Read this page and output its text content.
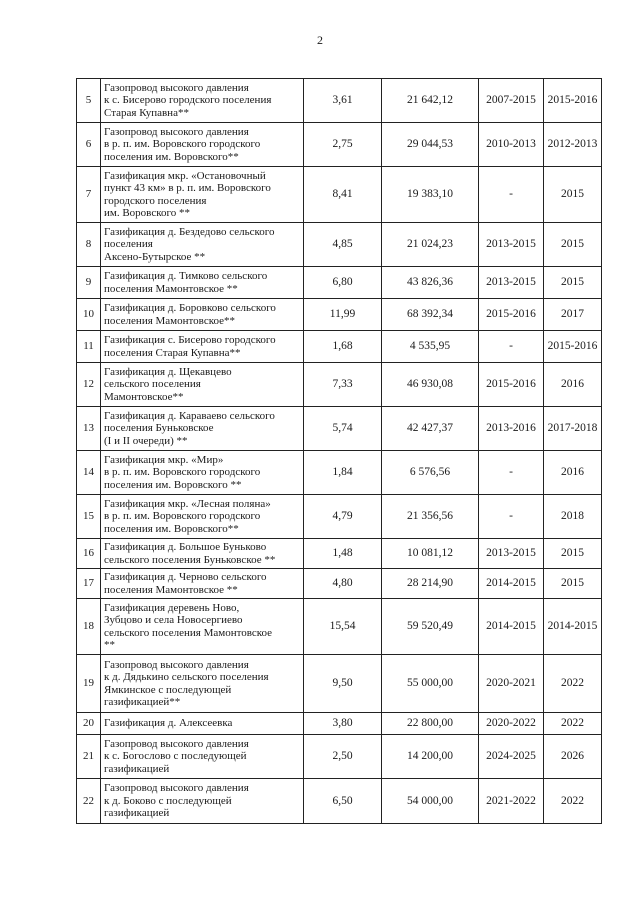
2
5	Газопровод высокого давления
к с. Бисерово городского поселения
Старая Купавна**	3,61	21 642,12	2007-2015	2015-2016
6	Газопровод высокого давления
в р. п. им. Воровского городского
поселения им. Воровского**	2,75	29 044,53	2010-2013	2012-2013
7	Газификация мкр. «Остановочный
пункт 43 км» в р. п. им. Воровского
городского поселения
им. Воровского **	8,41	19 383,10	-	2015
8	Газификация д. Бездедово сельского
поселения
Аксено-Бутырское **	4,85	21 024,23	2013-2015	2015
9	Газификация д. Тимково сельского
поселения Мамонтовское **	6,80	43 826,36	2013-2015	2015
10	Газификация д. Боровково сельского
поселения Мамонтовское**	11,99	68 392,34	2015-2016	2017
11	Газификация с. Бисерово городского
поселения Старая Купавна**	1,68	4 535,95	-	2015-2016
12	Газификация д. Щекавцево
сельского поселения
Мамонтовское**	7,33	46 930,08	2015-2016	2016
13	Газификация д. Караваево сельского
поселения Буньковское
(I и II очереди) **	5,74	42 427,37	2013-2016	2017-2018
14	Газификация мкр. «Мир»
в р. п. им. Воровского городского
поселения им. Воровского **	1,84	6 576,56	-	2016
15	Газификация мкр. «Лесная поляна»
в р. п. им. Воровского городского
поселения им. Воровского**	4,79	21 356,56	-	2018
16	Газификация д. Большое Буньково
сельского поселения Буньковское **	1,48	10 081,12	2013-2015	2015
17	Газификация д. Черново сельского
поселения Мамонтовское **	4,80	28 214,90	2014-2015	2015
18	Газификация деревень Ново,
Зубцово и села Новосергиево
сельского поселения Мамонтовское
**	15,54	59 520,49	2014-2015	2014-2015
19	Газопровод высокого давления
к д. Дядькино сельского поселения
Ямкинское с последующей
газификацией**	9,50	55 000,00	2020-2021	2022
20	Газификация д. Алексеевка	3,80	22 800,00	2020-2022	2022
21	Газопровод высокого давления
к с. Богослово с последующей
газификацией	2,50	14 200,00	2024-2025	2026
22	Газопровод высокого давления
к д. Боково с последующей
газификацией	6,50	54 000,00	2021-2022	2022
